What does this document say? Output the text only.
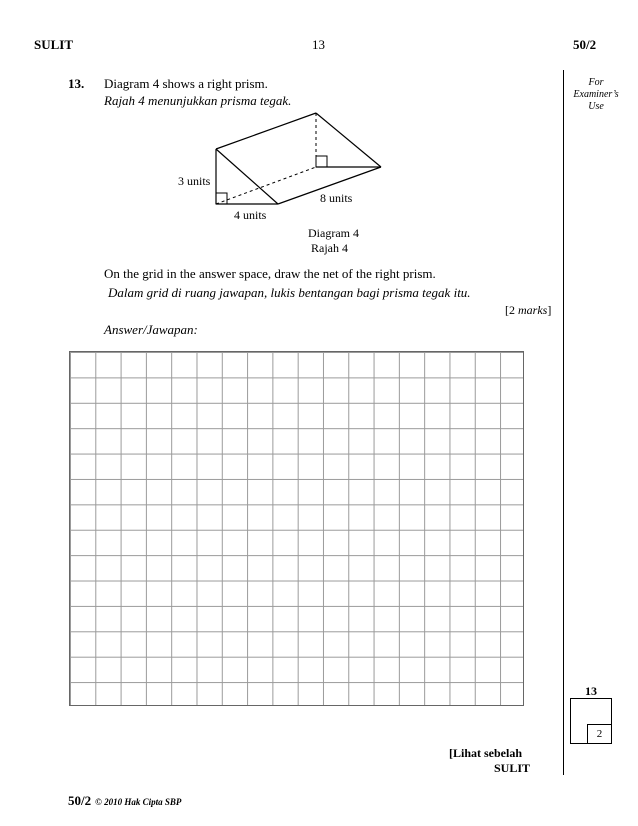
SULIT	13	50/2
For
Examiner’s
Use
13. Diagram 4 shows a right prism.
Rajah 4 menunjukkan prisma tegak.
3 units
8 units
4 units
Diagram 4
Rajah 4
On the grid in the answer space, draw the net of the right prism.
Dalam grid di ruang jawapan, lukis bentangan bagi prisma tegak itu.
[2 marks]
Answer/Jawapan:
13
2
[Lihat sebelah
SULIT
50/2 © 2010 Hak Cipta SBP
